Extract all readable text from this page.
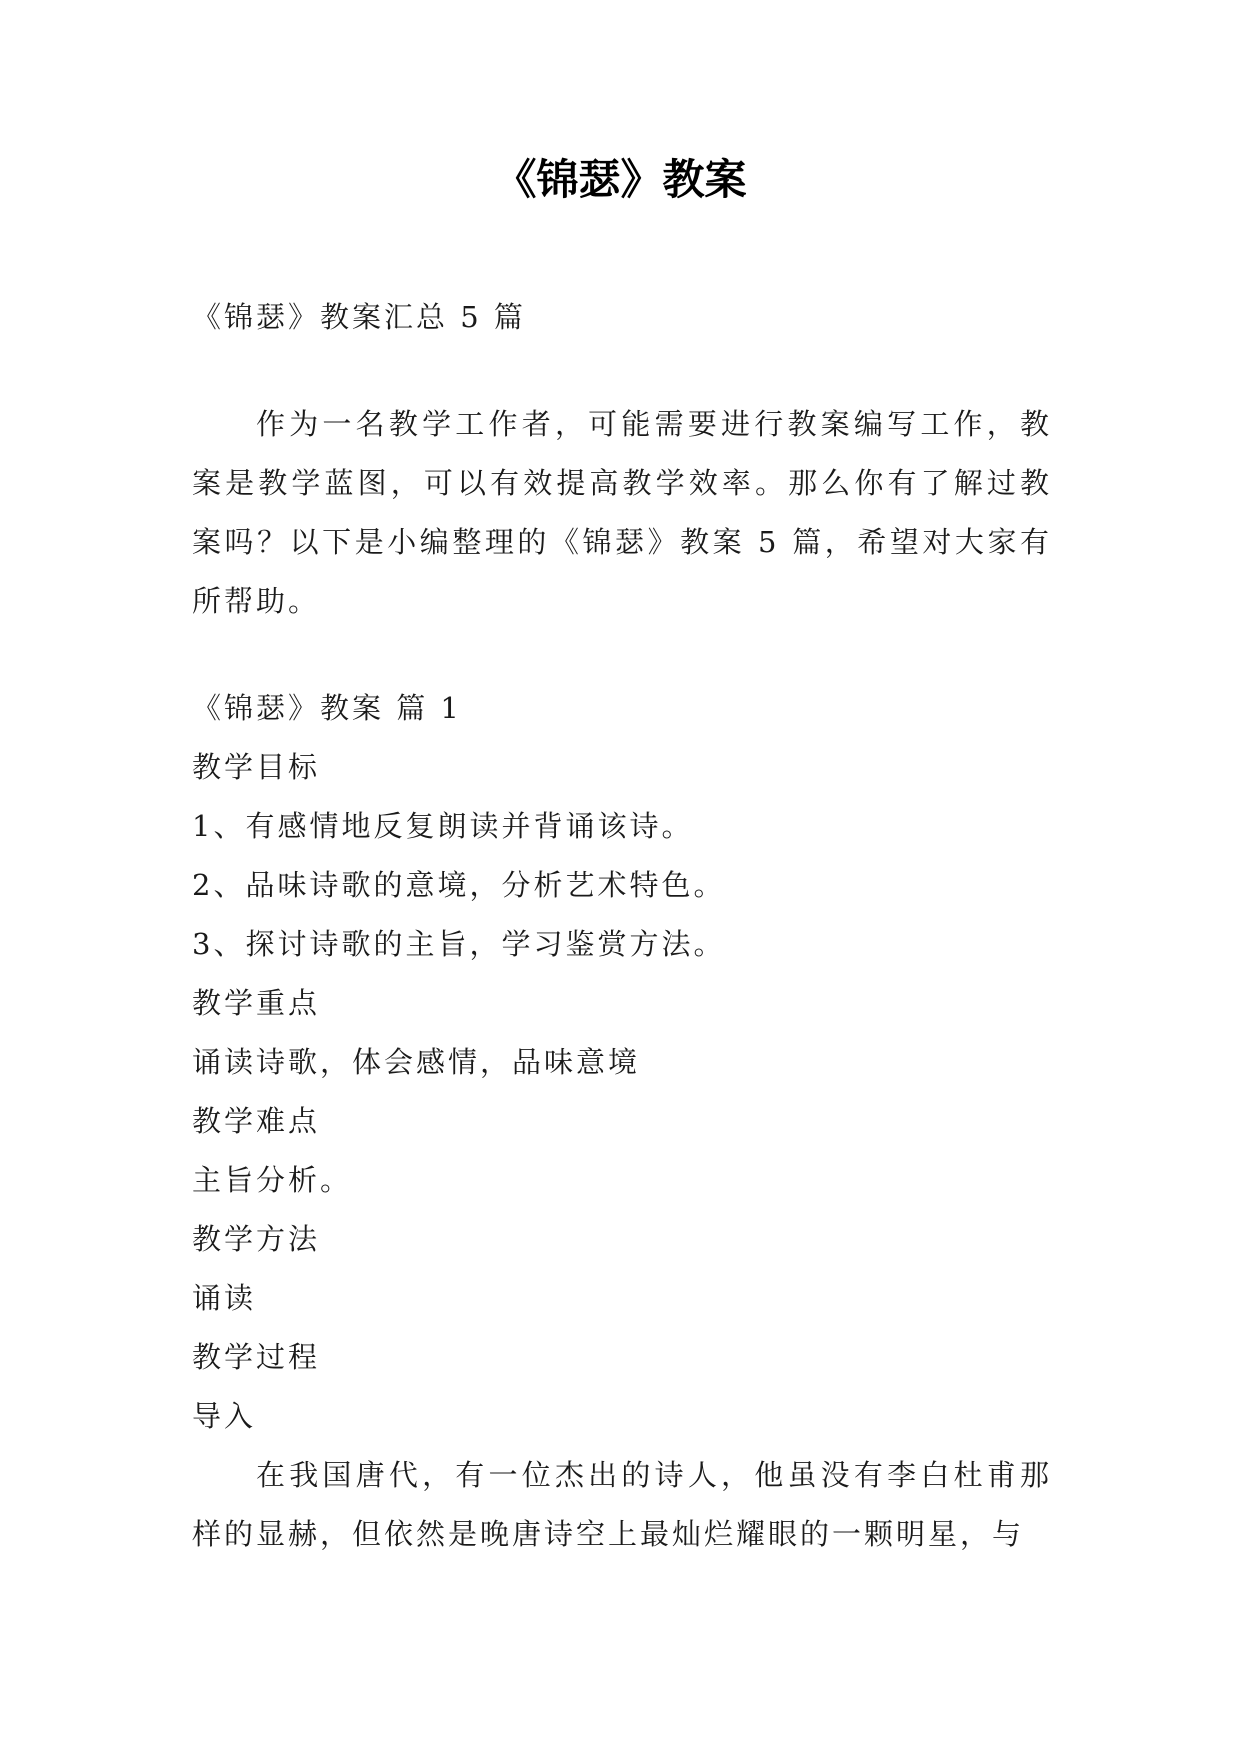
《锦瑟》教案

《锦瑟》教案汇总 5 篇

作为一名教学工作者，可能需要进行教案编写工作，教案是教学蓝图，可以有效提高教学效率。那么你有了解过教案吗？以下是小编整理的《锦瑟》教案 5 篇，希望对大家有所帮助。

《锦瑟》教案 篇 1

教学目标

1、有感情地反复朗读并背诵该诗。

2、品味诗歌的意境，分析艺术特色。

3、探讨诗歌的主旨，学习鉴赏方法。

教学重点

诵读诗歌，体会感情，品味意境

教学难点

主旨分析。

教学方法

诵读

教学过程

导入

在我国唐代，有一位杰出的诗人，他虽没有李白杜甫那样的显赫，但依然是晚唐诗空上最灿烂耀眼的一颗明星，与
